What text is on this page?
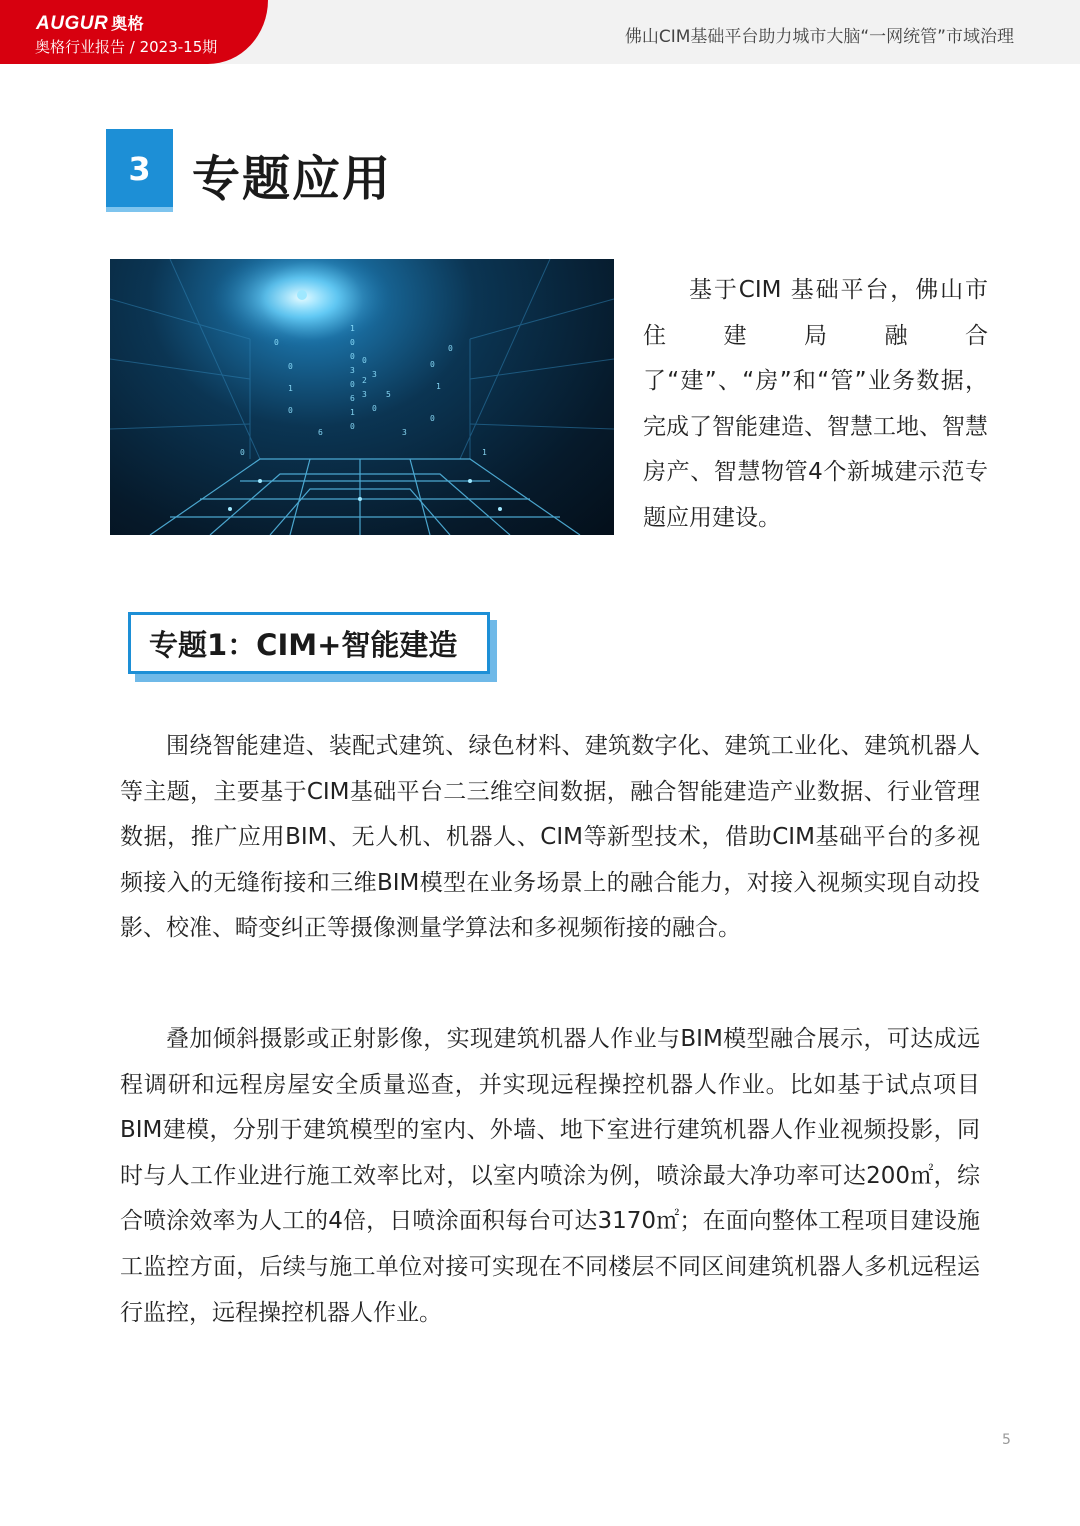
AUGUR 奥格
奥格行业报告 / 2023-15期	佛山CIM基础平台助力城市大脑“一网统管”市域治理
3 专题应用
1
0
0
3
0
6
1
0
0
2
3
3
5
0
0
1
0
0
1
0
0
0
6	3
0	1
基于CIM 基础平台，佛山市住建局融合了“建”、“房”和“管”业务数据，完成了智能建造、智慧工地、智慧房产、智慧物管4个新城建示范专题应用建设。
专题1：CIM+智能建造
围绕智能建造、装配式建筑、绿色材料、建筑数字化、建筑工业化、建筑机器人等主题，主要基于CIM基础平台二三维空间数据，融合智能建造产业数据、行业管理数据，推广应用BIM、无人机、机器人、CIM等新型技术，借助CIM基础平台的多视频接入的无缝衔接和三维BIM模型在业务场景上的融合能力，对接入视频实现自动投影、校准、畸变纠正等摄像测量学算法和多视频衔接的融合。
叠加倾斜摄影或正射影像，实现建筑机器人作业与BIM模型融合展示，可达成远程调研和远程房屋安全质量巡查，并实现远程操控机器人作业。比如基于试点项目BIM建模，分别于建筑模型的室内、外墙、地下室进行建筑机器人作业视频投影，同时与人工作业进行施工效率比对，以室内喷涂为例，喷涂最大净功率可达200㎡，综合喷涂效率为人工的4倍，日喷涂面积每台可达3170㎡；在面向整体工程项目建设施工监控方面，后续与施工单位对接可实现在不同楼层不同区间建筑机器人多机远程运行监控，远程操控机器人作业。
5
